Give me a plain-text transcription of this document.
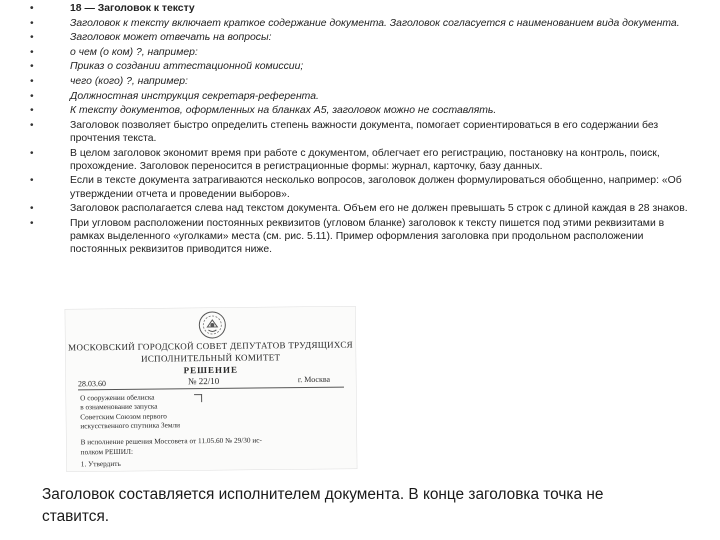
• 18 — Заголовок к тексту
• Заголовок к тексту включает краткое содержание документа. Заголовок согласуется с наименованием вида документа.
• Заголовок может отвечать на вопросы:
• о чем (о ком) ?, например:
• Приказ о создании аттестационной комиссии;
• чего (кого) ?, например:
• Должностная инструкция секретаря-референта.
• К тексту документов, оформленных на бланках А5, заголовок можно не составлять.
• Заголовок позволяет быстро определить степень важности документа, помогает сориентироваться в его содержании без прочтения текста.
• В целом заголовок экономит время при работе с документом, облегчает его регистрацию, постановку на контроль, поиск, прохождение. Заголовок переносится в регистрационные формы: журнал, карточку, базу данных.
• Если в тексте документа затрагиваются несколько вопросов, заголовок должен формулироваться обобщенно, например: «Об утверждении отчета и проведении выборов».
• Заголовок располагается слева над текстом документа. Объем его не должен превышать 5 строк с длиной каждая в 28 знаков.
• При угловом расположении постоянных реквизитов (угловом бланке) заголовок к тексту пишется под этими реквизитами в рамках выделенного «уголками» места (см. рис. 5.11). Пример оформления заголовка при продольном расположении постоянных реквизитов приводится ниже.
МОСКОВСКИЙ ГОРОДСКОЙ СОВЕТ ДЕПУТАТОВ ТРУДЯЩИХСЯ
ИСПОЛНИТЕЛЬНЫЙ КОМИТЕТ
РЕШЕНИЕ
28.03.60	№ 22/10	г. Москва
О сооружении обелиска
в ознаменование запуска
Советским Союзом первого
искусственного спутника Земли
В исполнение решения Моссовета от 11.05.60 № 29/30 ис-
полком РЕШИЛ:
1. Утвердить
Заголовок составляется исполнителем документа. В конце заголовка точка не ставится.
